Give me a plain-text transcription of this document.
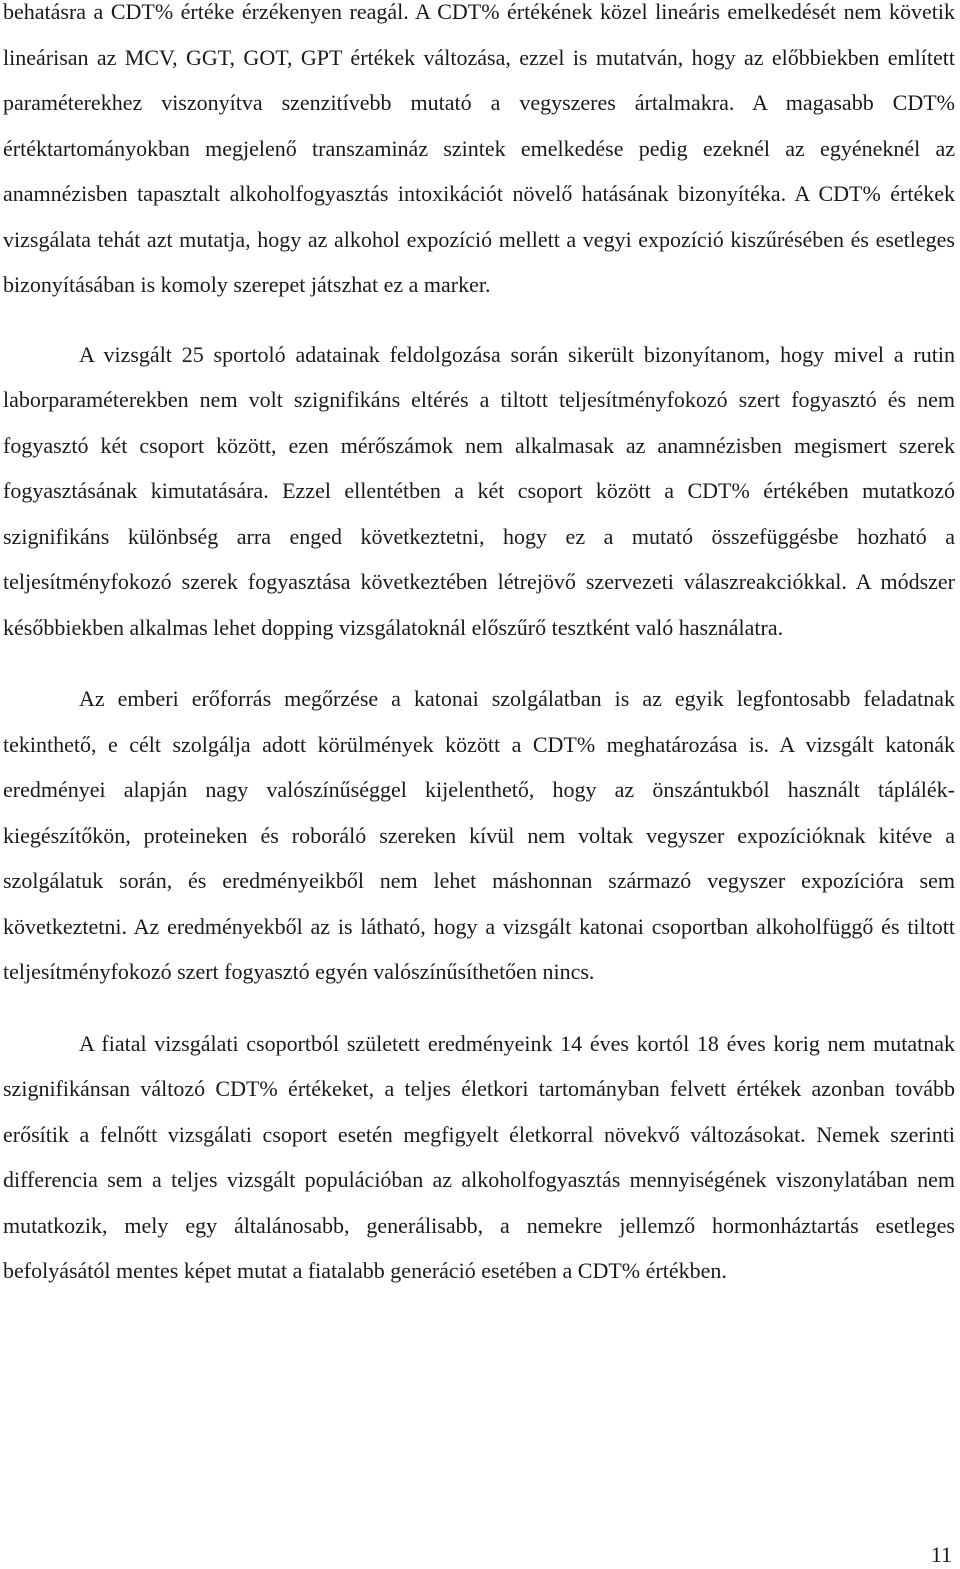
behatásra a CDT% értéke érzékenyen reagál. A CDT% értékének közel lineáris emelkedését nem követik lineárisan az MCV, GGT, GOT, GPT értékek változása, ezzel is mutatván, hogy az előbbiekben említett paraméterekhez viszonyítva szenzitívebb mutató a vegyszeres ártalmakra. A magasabb CDT% értéktartományokban megjelenő transzamináz szintek emelkedése pedig ezeknél az egyéneknél az anamnézisben tapasztalt alkoholfogyasztás intoxikációt növelő hatásának bizonyítéka. A CDT% értékek vizsgálata tehát azt mutatja, hogy az alkohol expozíció mellett a vegyi expozíció kiszűrésében és esetleges bizonyításában is komoly szerepet játszhat ez a marker.

A vizsgált 25 sportoló adatainak feldolgozása során sikerült bizonyítanom, hogy mivel a rutin laborparaméterekben nem volt szignifikáns eltérés a tiltott teljesítményfokozó szert fogyasztó és nem fogyasztó két csoport között, ezen mérőszámok nem alkalmasak az anamnézisben megismert szerek fogyasztásának kimutatására. Ezzel ellentétben a két csoport között a CDT% értékében mutatkozó szignifikáns különbség arra enged következtetni, hogy ez a mutató összefüggésbe hozható a teljesítményfokozó szerek fogyasztása következtében létrejövő szervezeti válaszreakciókkal. A módszer későbbiekben alkalmas lehet dopping vizsgálatoknál előszűrő tesztként való használatra.

Az emberi erőforrás megőrzése a katonai szolgálatban is az egyik legfontosabb feladatnak tekinthető, e célt szolgálja adott körülmények között a CDT% meghatározása is. A vizsgált katonák eredményei alapján nagy valószínűséggel kijelenthető, hogy az önszántukból használt táplálék-kiegészítőkön, proteineken és roboráló szereken kívül nem voltak vegyszer expozícióknak kitéve a szolgálatuk során, és eredményeikből nem lehet máshonnan származó vegyszer expozícióra sem következtetni. Az eredményekből az is látható, hogy a vizsgált katonai csoportban alkoholfüggő és tiltott teljesítményfokozó szert fogyasztó egyén valószínűsíthetően nincs.

A fiatal vizsgálati csoportból született eredményeink 14 éves kortól 18 éves korig nem mutatnak szignifikánsan változó CDT% értékeket, a teljes életkori tartományban felvett értékek azonban tovább erősítik a felnőtt vizsgálati csoport esetén megfigyelt életkorral növekvő változásokat. Nemek szerinti differencia sem a teljes vizsgált populációban az alkoholfogyasztás mennyiségének viszonylatában nem mutatkozik, mely egy általánosabb, generálisabb, a nemekre jellemző hormonháztartás esetleges befolyásától mentes képet mutat a fiatalabb generáció esetében a CDT% értékben.

11
